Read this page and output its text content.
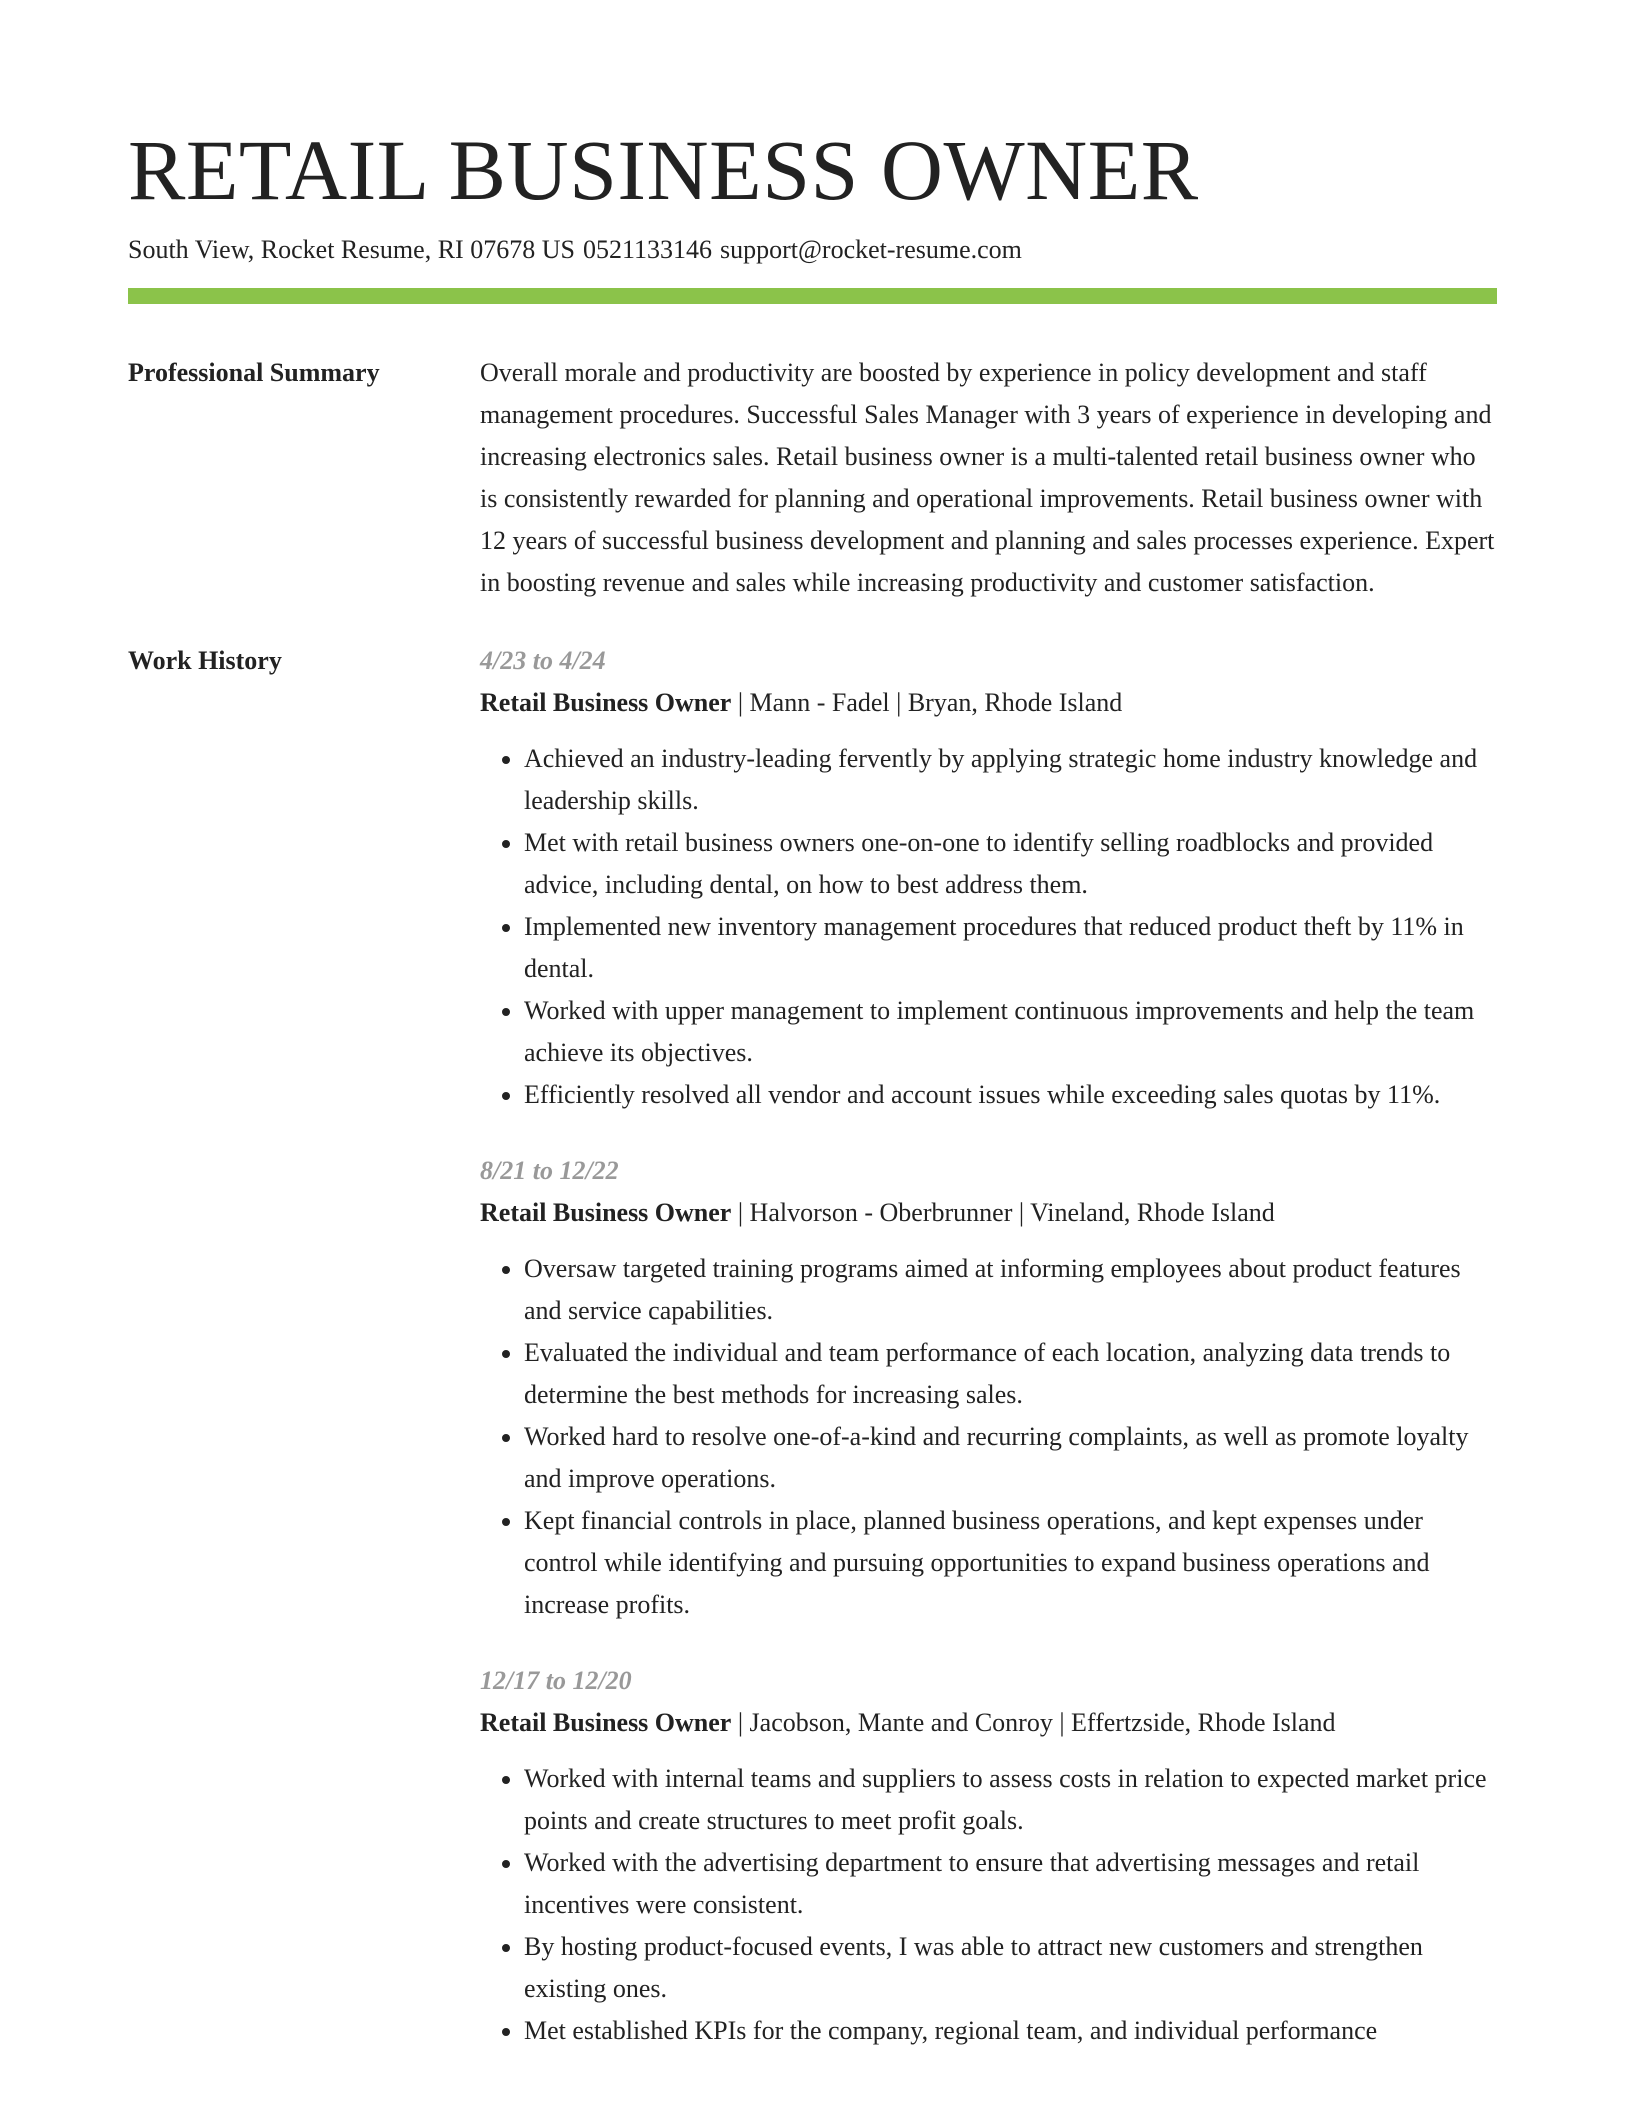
RETAIL BUSINESS OWNER
South View, Rocket Resume, RI 07678 US 0521133146 support@rocket-resume.com
Professional Summary	Overall morale and productivity are boosted by experience in policy development and staff management procedures. Successful Sales Manager with 3 years of experience in developing and increasing electronics sales. Retail business owner is a multi-talented retail business owner who is consistently rewarded for planning and operational improvements. Retail business owner with 12 years of successful business development and planning and sales processes experience. Expert in boosting revenue and sales while increasing productivity and customer satisfaction.

Work History	4/23 to 4/24
Retail Business Owner | Mann - Fadel | Bryan, Rhode Island
• Achieved an industry-leading fervently by applying strategic home industry knowledge and leadership skills.
• Met with retail business owners one-on-one to identify selling roadblocks and provided advice, including dental, on how to best address them.
• Implemented new inventory management procedures that reduced product theft by 11% in dental.
• Worked with upper management to implement continuous improvements and help the team achieve its objectives.
• Efficiently resolved all vendor and account issues while exceeding sales quotas by 11%.
8/21 to 12/22
Retail Business Owner | Halvorson - Oberbrunner | Vineland, Rhode Island
• Oversaw targeted training programs aimed at informing employees about product features and service capabilities.
• Evaluated the individual and team performance of each location, analyzing data trends to determine the best methods for increasing sales.
• Worked hard to resolve one-of-a-kind and recurring complaints, as well as promote loyalty and improve operations.
• Kept financial controls in place, planned business operations, and kept expenses under control while identifying and pursuing opportunities to expand business operations and increase profits.
12/17 to 12/20
Retail Business Owner | Jacobson, Mante and Conroy | Effertzside, Rhode Island
• Worked with internal teams and suppliers to assess costs in relation to expected market price points and create structures to meet profit goals.
• Worked with the advertising department to ensure that advertising messages and retail incentives were consistent.
• By hosting product-focused events, I was able to attract new customers and strengthen existing ones.
• Met established KPIs for the company, regional team, and individual performance
